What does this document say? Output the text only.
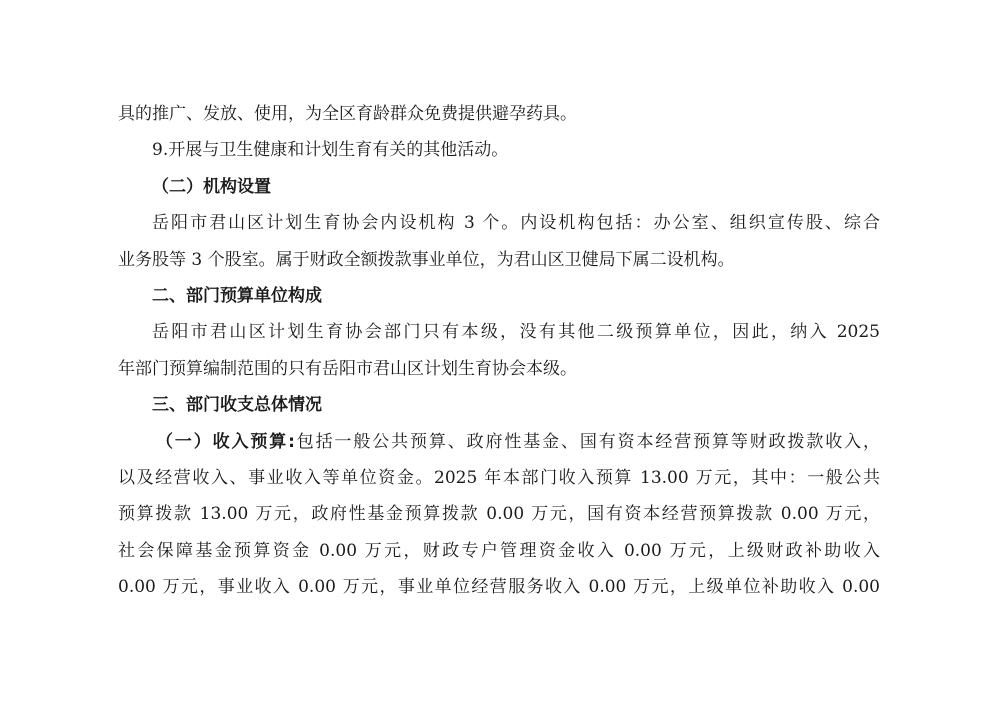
具的推广、发放、使用，为全区育龄群众免费提供避孕药具。
9.开展与卫生健康和计划生育有关的其他活动。
（二）机构设置
岳阳市君山区计划生育协会内设机构 3 个。内设机构包括：办公室、组织宣传股、综合
业务股等 3 个股室。属于财政全额拨款事业单位，为君山区卫健局下属二设机构。
二、部门预算单位构成
岳阳市君山区计划生育协会部门只有本级，没有其他二级预算单位，因此，纳入 2025
年部门预算编制范围的只有岳阳市君山区计划生育协会本级。
三、部门收支总体情况
（一）收入预算:包括一般公共预算、政府性基金、国有资本经营预算等财政拨款收入，
以及经营收入、事业收入等单位资金。2025 年本部门收入预算 13.00 万元，其中：一般公共
预算拨款 13.00 万元，政府性基金预算拨款 0.00 万元，国有资本经营预算拨款 0.00 万元，
社会保障基金预算资金 0.00 万元，财政专户管理资金收入 0.00 万元，上级财政补助收入
0.00 万元，事业收入 0.00 万元，事业单位经营服务收入 0.00 万元，上级单位补助收入 0.00
